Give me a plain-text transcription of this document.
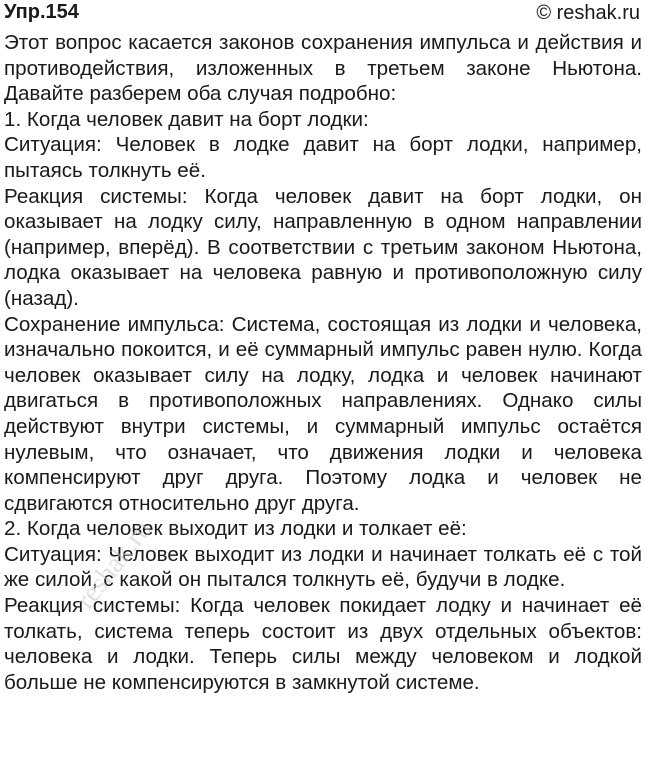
Упр.154	© reshak.ru

Этот вопрос касается законов сохранения импульса и действия и противодействия, изложенных в третьем законе Ньютона. Давайте разберем оба случая подробно:

1. Когда человек давит на борт лодки:

Ситуация: Человек в лодке давит на борт лодки, например, пытаясь толкнуть её.

Реакция системы: Когда человек давит на борт лодки, он оказывает на лодку силу, направленную в одном направлении (например, вперёд). В соответствии с третьим законом Ньютона, лодка оказывает на человека равную и противоположную силу (назад).

Сохранение импульса: Система, состоящая из лодки и человека, изначально покоится, и её суммарный импульс равен нулю. Когда человек оказывает силу на лодку, лодка и человек начинают двигаться в противоположных направлениях. Однако силы действуют внутри системы, и суммарный импульс остаётся нулевым, что означает, что движения лодки и человека компенсируют друг друга. Поэтому лодка и человек не сдвигаются относительно друг друга.

2. Когда человек выходит из лодки и толкает её:

Ситуация: Человек выходит из лодки и начинает толкать её с той же силой, с какой он пытался толкнуть её, будучи в лодке.

Реакция системы: Когда человек покидает лодку и начинает её толкать, система теперь состоит из двух отдельных объектов: человека и лодки. Теперь силы между человеком и лодкой больше не компенсируются в замкнутой системе.

reshak.ru
